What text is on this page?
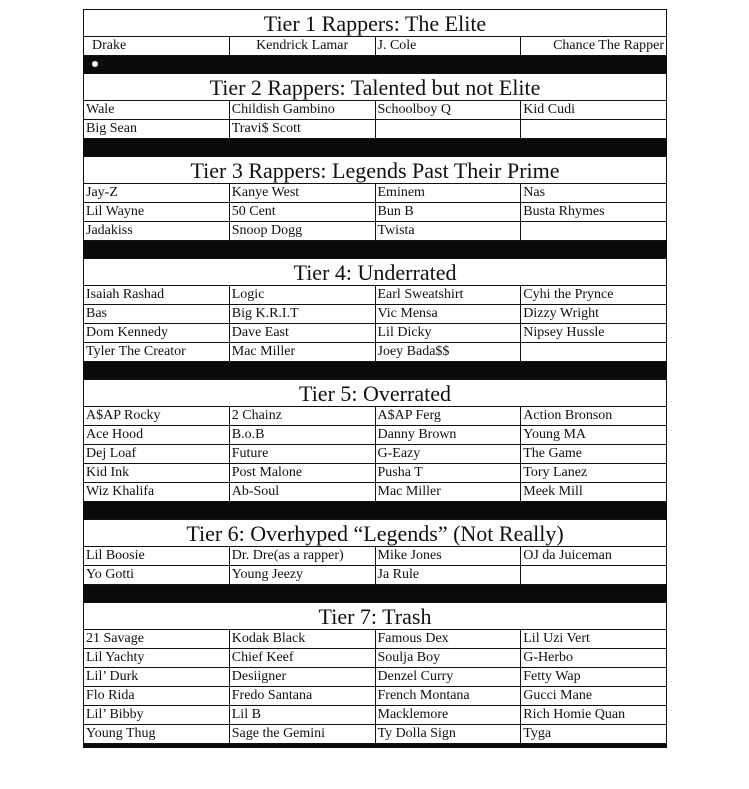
Tier 1 Rappers: The Elite
Drake	Kendrick Lamar	J. Cole	Chance The Rapper
Tier 2 Rappers: Talented but not Elite
Wale	Childish Gambino	Schoolboy Q	Kid Cudi
Big Sean	Travi$ Scott		
Tier 3 Rappers: Legends Past Their Prime
Jay-Z	Kanye West	Eminem	Nas
Lil Wayne	50 Cent	Bun B	Busta Rhymes
Jadakiss	Snoop Dogg	Twista	
Tier 4: Underrated
Isaiah Rashad	Logic	Earl Sweatshirt	Cyhi the Prynce
Bas	Big K.R.I.T	Vic Mensa	Dizzy Wright
Dom Kennedy	Dave East	Lil Dicky	Nipsey Hussle
Tyler The Creator	Mac Miller	Joey Bada$$	
Tier 5: Overrated
A$AP Rocky	2 Chainz	A$AP Ferg	Action Bronson
Ace Hood	B.o.B	Danny Brown	Young MA
Dej Loaf	Future	G-Eazy	The Game
Kid Ink	Post Malone	Pusha T	Tory Lanez
Wiz Khalifa	Ab-Soul	Mac Miller	Meek Mill
Tier 6: Overhyped “Legends” (Not Really)
Lil Boosie	Dr. Dre(as a rapper)	Mike Jones	OJ da Juiceman
Yo Gotti	Young Jeezy	Ja Rule	
Tier 7: Trash
21 Savage	Kodak Black	Famous Dex	Lil Uzi Vert
Lil Yachty	Chief Keef	Soulja Boy	G-Herbo
Lil’ Durk	Desiigner	Denzel Curry	Fetty Wap
Flo Rida	Fredo Santana	French Montana	Gucci Mane
Lil’ Bibby	Lil B	Macklemore	Rich Homie Quan
Young Thug	Sage the Gemini	Ty Dolla Sign	Tyga
